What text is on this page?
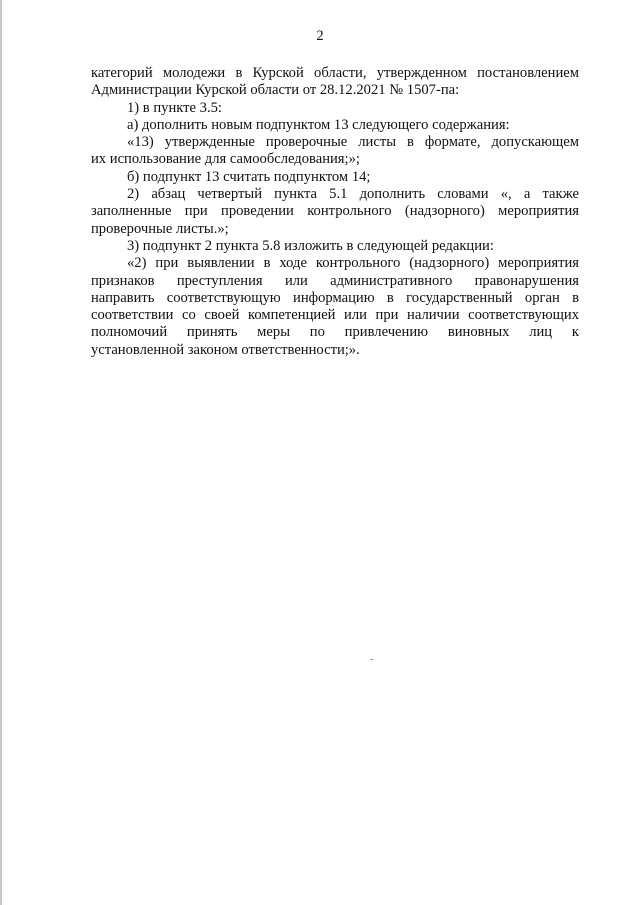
2

категорий молодежи в Курской области, утвержденном постановлением
Администрации Курской области от 28.12.2021 № 1507-па:

1) в пункте 3.5:

а) дополнить новым подпунктом 13 следующего содержания:

«13) утвержденные проверочные листы в формате, допускающем
их использование для самообследования;»;

б) подпункт 13 считать подпунктом 14;

2) абзац четвертый пункта 5.1 дополнить словами «, а также
заполненные при проведении контрольного (надзорного) мероприятия
проверочные листы.»;

3) подпункт 2 пункта 5.8 изложить в следующей редакции:

«2) при выявлении в ходе контрольного (надзорного) мероприятия
признаков преступления или административного правонарушения
направить соответствующую информацию в государственный орган в
соответствии со своей компетенцией или при наличии соответствующих
полномочий принять меры по привлечению виновных лиц к
установленной законом ответственности;».
